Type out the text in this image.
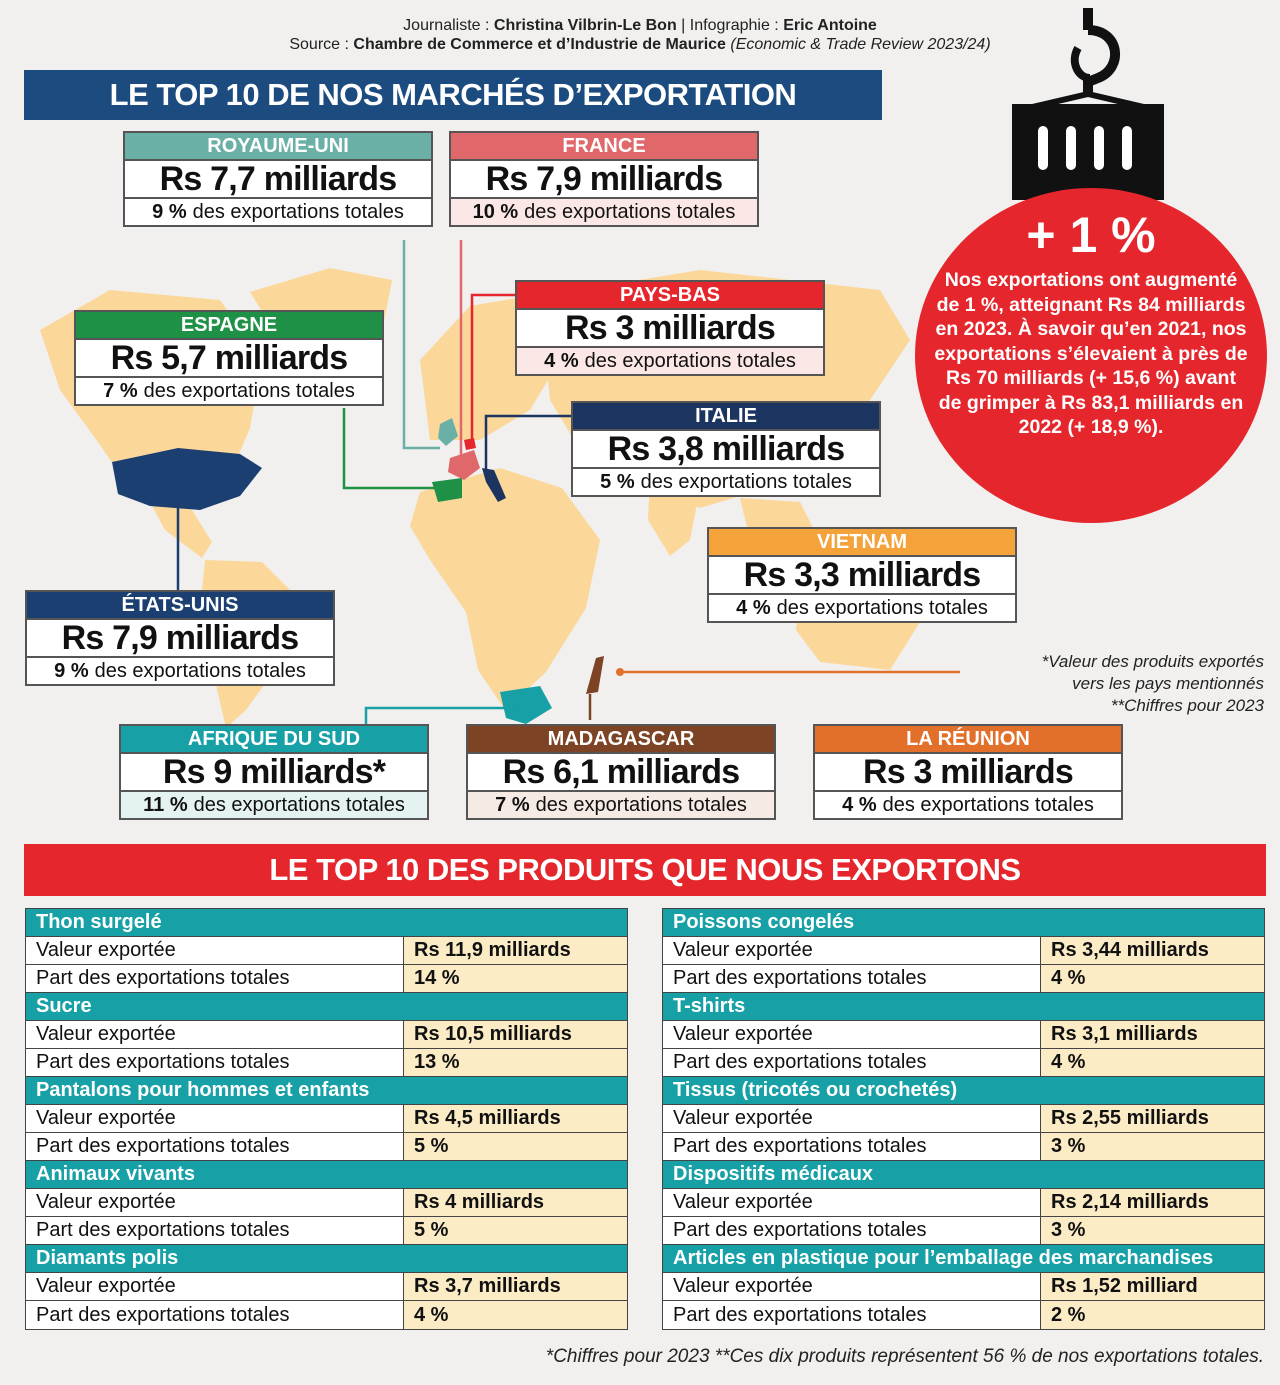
Journaliste : Christina Vilbrin-Le Bon | Infographie : Eric Antoine
Source : Chambre de Commerce et d’Industrie de Maurice (Economic & Trade Review 2023/24)
LE TOP 10 DE NOS MARCHÉS D’EXPORTATION
ROYAUME-UNI
Rs 7,7 milliards
9 % des exportations totales
FRANCE
Rs 7,9 milliards
10 % des exportations totales
PAYS-BAS
Rs 3 milliards
4 % des exportations totales
ESPAGNE
Rs 5,7 milliards
7 % des exportations totales
ITALIE
Rs 3,8 milliards
5 % des exportations totales
VIETNAM
Rs 3,3 milliards
4 % des exportations totales
ÉTATS-UNIS
Rs 7,9 milliards
9 % des exportations totales
AFRIQUE DU SUD
Rs 9 milliards*
11 % des exportations totales
MADAGASCAR
Rs 6,1 milliards
7 % des exportations totales
LA RÉUNION
Rs 3 milliards
4 % des exportations totales
+ 1 %
Nos exportations ont augmenté de 1 %, atteignant Rs 84 milliards en 2023. À savoir qu’en 2021, nos exportations s’élevaient à près de Rs 70 milliards (+ 15,6 %) avant de grimper à Rs 83,1 milliards en 2022 (+ 18,9 %).
*Valeur des produits exportés
vers les pays mentionnés
**Chiffres pour 2023
LE TOP 10 DES PRODUITS QUE NOUS EXPORTONS
Thon surgelé
Valeur exportée	Rs 11,9 milliards
Part des exportations totales	14 %
Sucre
Valeur exportée	Rs 10,5 milliards
Part des exportations totales	13 %
Pantalons pour hommes et enfants
Valeur exportée	Rs 4,5 milliards
Part des exportations totales	5 %
Animaux vivants
Valeur exportée	Rs 4 milliards
Part des exportations totales	5 %
Diamants polis
Valeur exportée	Rs 3,7 milliards
Part des exportations totales	4 %
Poissons congelés
Valeur exportée	Rs 3,44 milliards
Part des exportations totales	4 %
T-shirts
Valeur exportée	Rs 3,1 milliards
Part des exportations totales	4 %
Tissus (tricotés ou crochetés)
Valeur exportée	Rs 2,55 milliards
Part des exportations totales	3 %
Dispositifs médicaux
Valeur exportée	Rs 2,14 milliards
Part des exportations totales	3 %
Articles en plastique pour l’emballage des marchandises
Valeur exportée	Rs 1,52 milliard
Part des exportations totales	2 %
*Chiffres pour 2023 **Ces dix produits représentent 56 % de nos exportations totales.
